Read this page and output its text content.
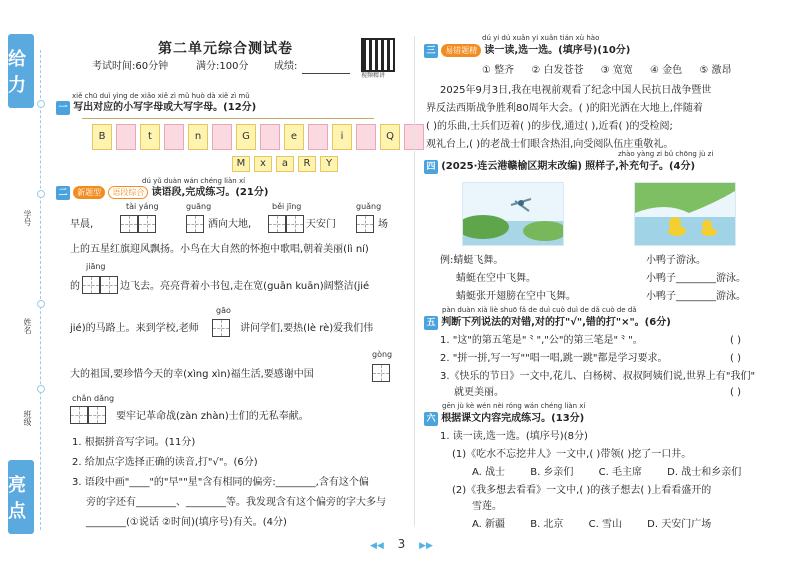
给力
学号
姓名
班级
亮点
第二单元综合测试卷
考试时间:60分钟	满分:100分	成绩:
视频精讲
xiě chū duì yìng de xiǎo xiě zì mǔ huò dà xiě zì mǔ
一 写出对应的小写字母或大写字母。(12分)
B	t	n	G	e	i	Q
M	x	a	R	Y
dú yǔ duàn wán chéng liàn xí
二 新题型 语段综合 读语段,完成练习。(21分)
tài yáng	guāng	běi jīng	guǎng
早晨,	洒向大地,	天安门	场
上的五星红旗迎风飘扬。小鸟在大自然的怀抱中歌唱,朝着美丽(lì ní)
jiāng
的	边飞去。亮亮背着小书包,走在宽(guān kuān)阔整洁(jié
gāo
jié)的马路上。来到学校,老师	讲问学们,要热(lè rè)爱我们伟
gòng
大的祖国,要珍惜今天的幸(xìng xìn)福生活,要感谢中国
chǎn dǎng
要牢记革命战(zàn zhàn)士们的无私奉献。
1. 根据拼音写字词。(11分)
2. 给加点字选择正确的读音,打"√"。(6分)
3. 语段中画"____"的"早""星"含有相同的偏旁:________,含有这个偏
旁的字还有________、________等。我发现含有这个偏旁的字大多与
________(①说话 ②时间)(填序号)有关。(4分)
dú yi dú xuǎn yi xuǎn tián xù hào
三 易错题精 读一读,选一选。(填序号)(10分)
① 整齐 ② 白发苍苍 ③ 宽宽 ④ 金色 ⑤ 激昂
2025年9月3日,我在电视前观看了纪念中国人民抗日战争暨世
界反法西斯战争胜利80周年大会。( )的阳光洒在大地上,伴随着
( )的乐曲,士兵们迈着( )的步伐,通过( ),近看( )的受检阅;
观礼台上,( )的老战士们眼含热泪,向受阅队伍庄重敬礼。
zhào yàng zi bǔ chōng jù zi
四 (2025·连云港赣榆区期末改编) 照样子,补充句子。(4分)
例:蜻蜓飞舞。
蜻蜓在空中飞舞。
蜻蜓张开翅膀在空中飞舞。
小鸭子游泳。
小鸭子________游泳。
小鸭子________游泳。
pàn duàn xià liè shuō fǎ de duì cuò duì de dǎ cuò de dǎ
五 判断下列说法的对错,对的打"√",错的打"×"。(6分)
1. "这"的第五笔是"⺀","公"的第三笔是"⺀"。	( )
2. "拼一拼,写一写""唱一唱,跳一跳"都是学习要求。	( )
3.《快乐的节日》一文中,花儿、白杨树、叔叔阿姨们说,世界上有"我们"
就更美丽。	( )
gēn jù kè wén nèi róng wán chéng liàn xí
六 根据课文内容完成练习。(13分)
1. 读一读,选一选。(填序号)(8分)
(1)《吃水不忘挖井人》一文中,( )带领( )挖了一口井。
A. 战士	B. 乡亲们	C. 毛主席	D. 战士和乡亲们
(2)《我多想去看看》一文中,( )的孩子想去( )上看看盛开的
雪莲。
A. 新疆	B. 北京	C. 雪山	D. 天安门广场
◀◀ 3 ▶▶
